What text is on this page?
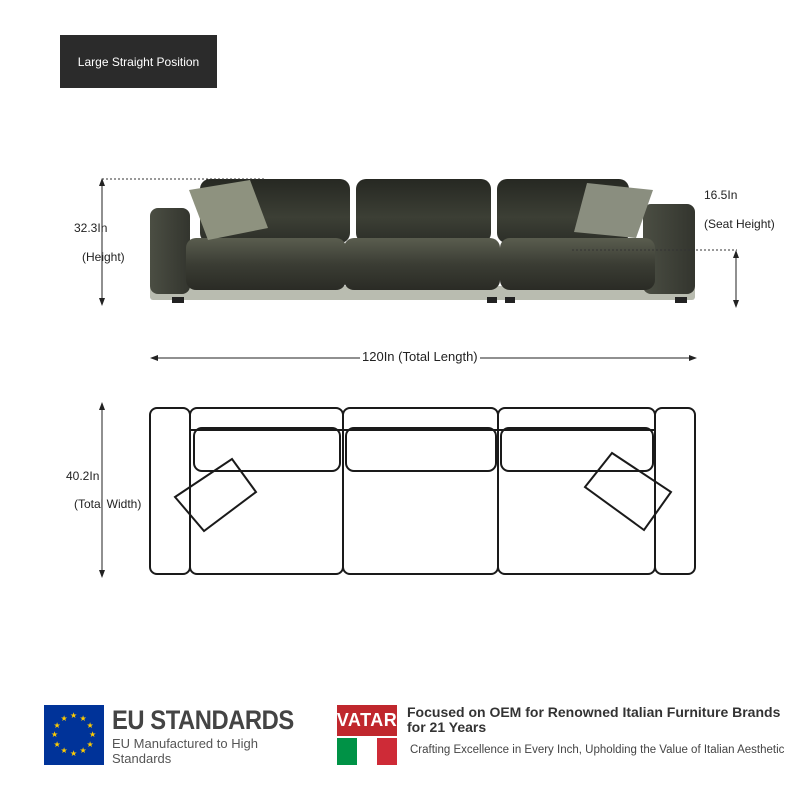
Large Straight Position
★ ★
★
★
★
★
★
★
★
★
★
★
32.3In
(Height)
16.5In
(Seat Height)
120In (Total Length)
40.2In
(Total Width)
EU STANDARDS
EU Manufactured to High Standards
VATAR Focused on OEM for Renowned Italian Furniture Brands for 21 Years
Crafting Excellence in Every Inch, Upholding the Value of Italian Aesthetic
